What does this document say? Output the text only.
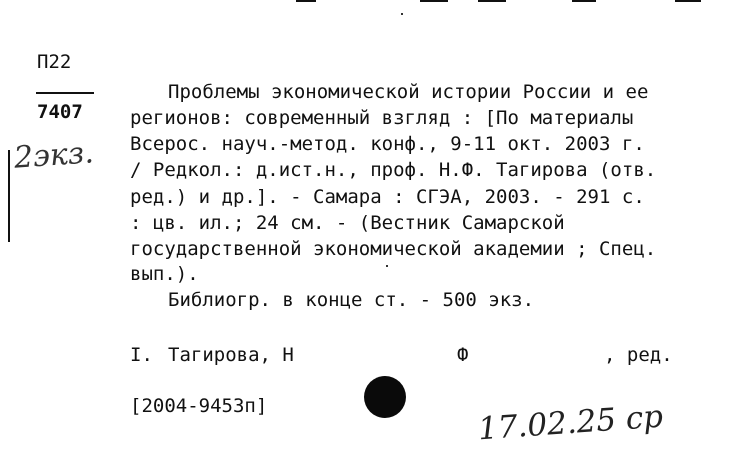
П22
7407
2экз.
Проблемы экономической истории России и ее
регионов: современный взгляд : [По материалы
Всерос. науч.-метод. конф., 9-11 окт. 2003 г.
/ Редкол.: д.ист.н., проф. Н.Ф. Тагирова (отв.
ред.) и др.]. - Самара : СГЭА, 2003. - 291 с.
: цв. ил.; 24 см. - (Вестник Самарской
государственной экономической академии ; Спец.
вып.).
Библиогр. в конце ст. - 500 экз.
I. Тагирова, Н	Ф	, ред.
[2004-9453п]	17.02.25 ср
